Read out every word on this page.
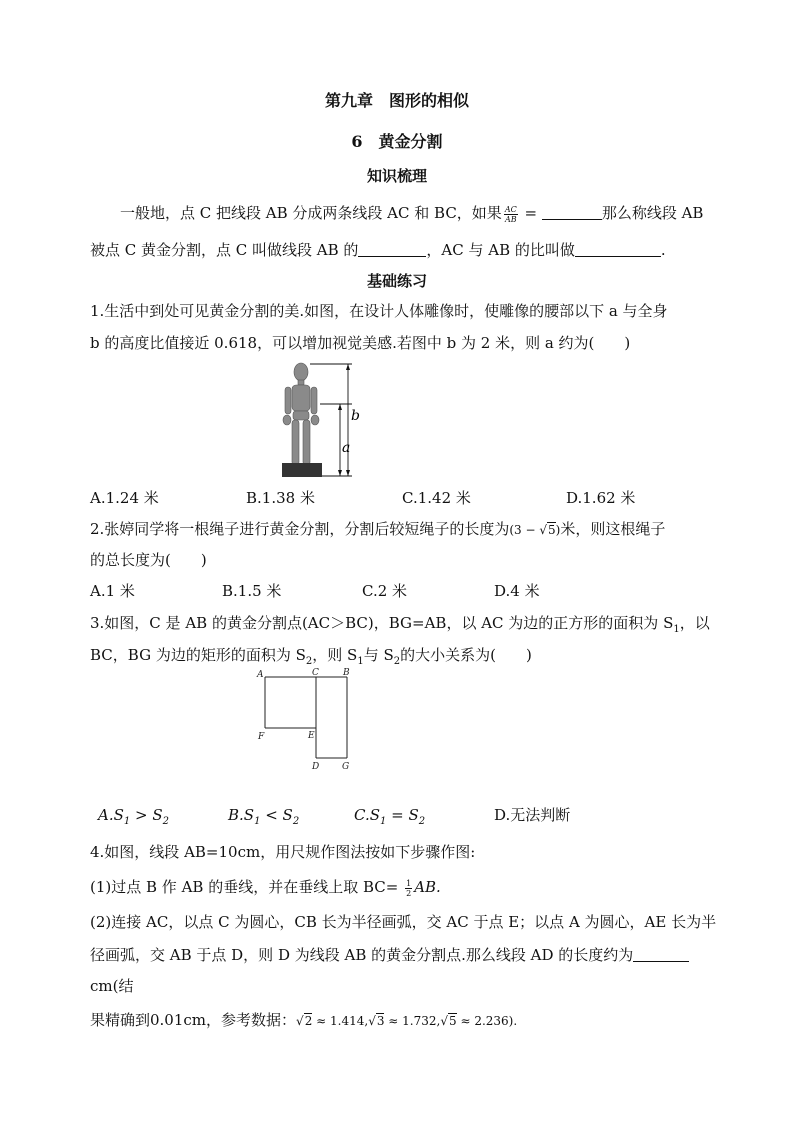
第九章　图形的相似
6　黄金分割
知识梳理
一般地，点 C 把线段 AB 分成两条线段 AC 和 BC，如果 $\frac{AC}{AB}$ =	那么称线段 AB
被点 C 黄金分割，点 C 叫做线段 AB 的	，AC 与 AB 的比叫做	.
基础练习
1.生活中到处可见黄金分割的美.如图，在设计人体雕像时，使雕像的腰部以下 a 与全身
b 的高度比值接近 0.618，可以增加视觉美感.若图中 b 为 2 米，则 a 约为(　　)
b
a
A.1.24 米	B.1.38 米	C.1.42 米	D.1.62 米
2.张婷同学将一根绳子进行黄金分割，分割后较短绳子的长度为(3 − √5)米，则这根绳子
的总长度为(　　)
A.1 米	B.1.5 米	C.2 米	D.4 米
3.如图，C 是 AB 的黄金分割点(AC＞BC)，BG=AB，以 AC 为边的正方形的面积为 $S_1$，以
BC，BG 为边的矩形的面积为 $S_2$，则 $S_1$与 $S_2$的大小关系为(　　)
A	C	B
F	E
D	G
$A.S_1 > S_2$	$B.S_1 < S_2$	$C.S_1 = S_2$	D.无法判断
4.如图，线段 AB=10cm，用尺规作图法按如下步骤作图:
(1)过点 B 作 AB 的垂线，并在垂线上取 $BC= \frac{1}{2}$ AB.
(2)连接 AC，以点 C 为圆心，CB 长为半径画弧，交 AC 于点 E；以点 A 为圆心，AE 长为半
径画弧，交 AB 于点 D，则 D 为线段 AB 的黄金分割点.那么线段 AD 的长度约为
cm(结
果精确到0.01cm，参考数据：√2 ≈ 1.414,√3 ≈ 1.732,√5 ≈ 2.236).
